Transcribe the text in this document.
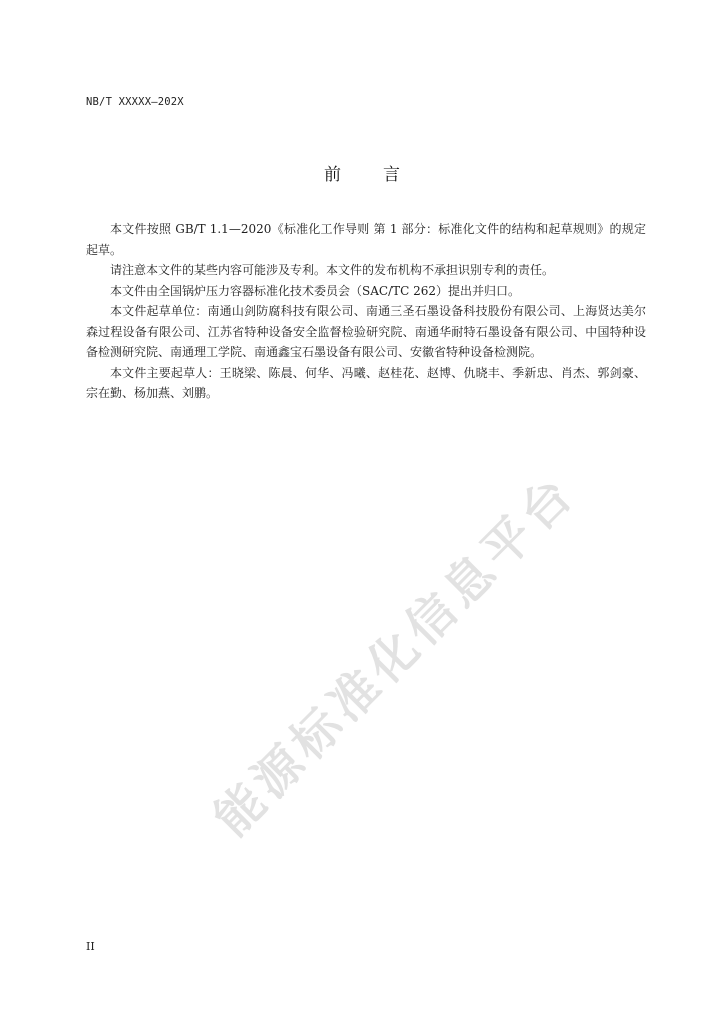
NB/T XXXXX—202X
前言

本文件按照 GB/T 1.1—2020《标准化工作导则 第 1 部分：标准化文件的结构和起草规则》的规定起草。

请注意本文件的某些内容可能涉及专利。本文件的发布机构不承担识别专利的责任。

本文件由全国锅炉压力容器标准化技术委员会（SAC/TC 262）提出并归口。

本文件起草单位：南通山剑防腐科技有限公司、南通三圣石墨设备科技股份有限公司、上海贤达美尔森过程设备有限公司、江苏省特种设备安全监督检验研究院、南通华耐特石墨设备有限公司、中国特种设备检测研究院、南通理工学院、南通鑫宝石墨设备有限公司、安徽省特种设备检测院。

本文件主要起草人：王晓梁、陈晨、何华、冯曦、赵桂花、赵博、仇晓丰、季新忠、肖杰、郭剑豪、宗在勤、杨加燕、刘鹏。

能源标准化信息平台
II
